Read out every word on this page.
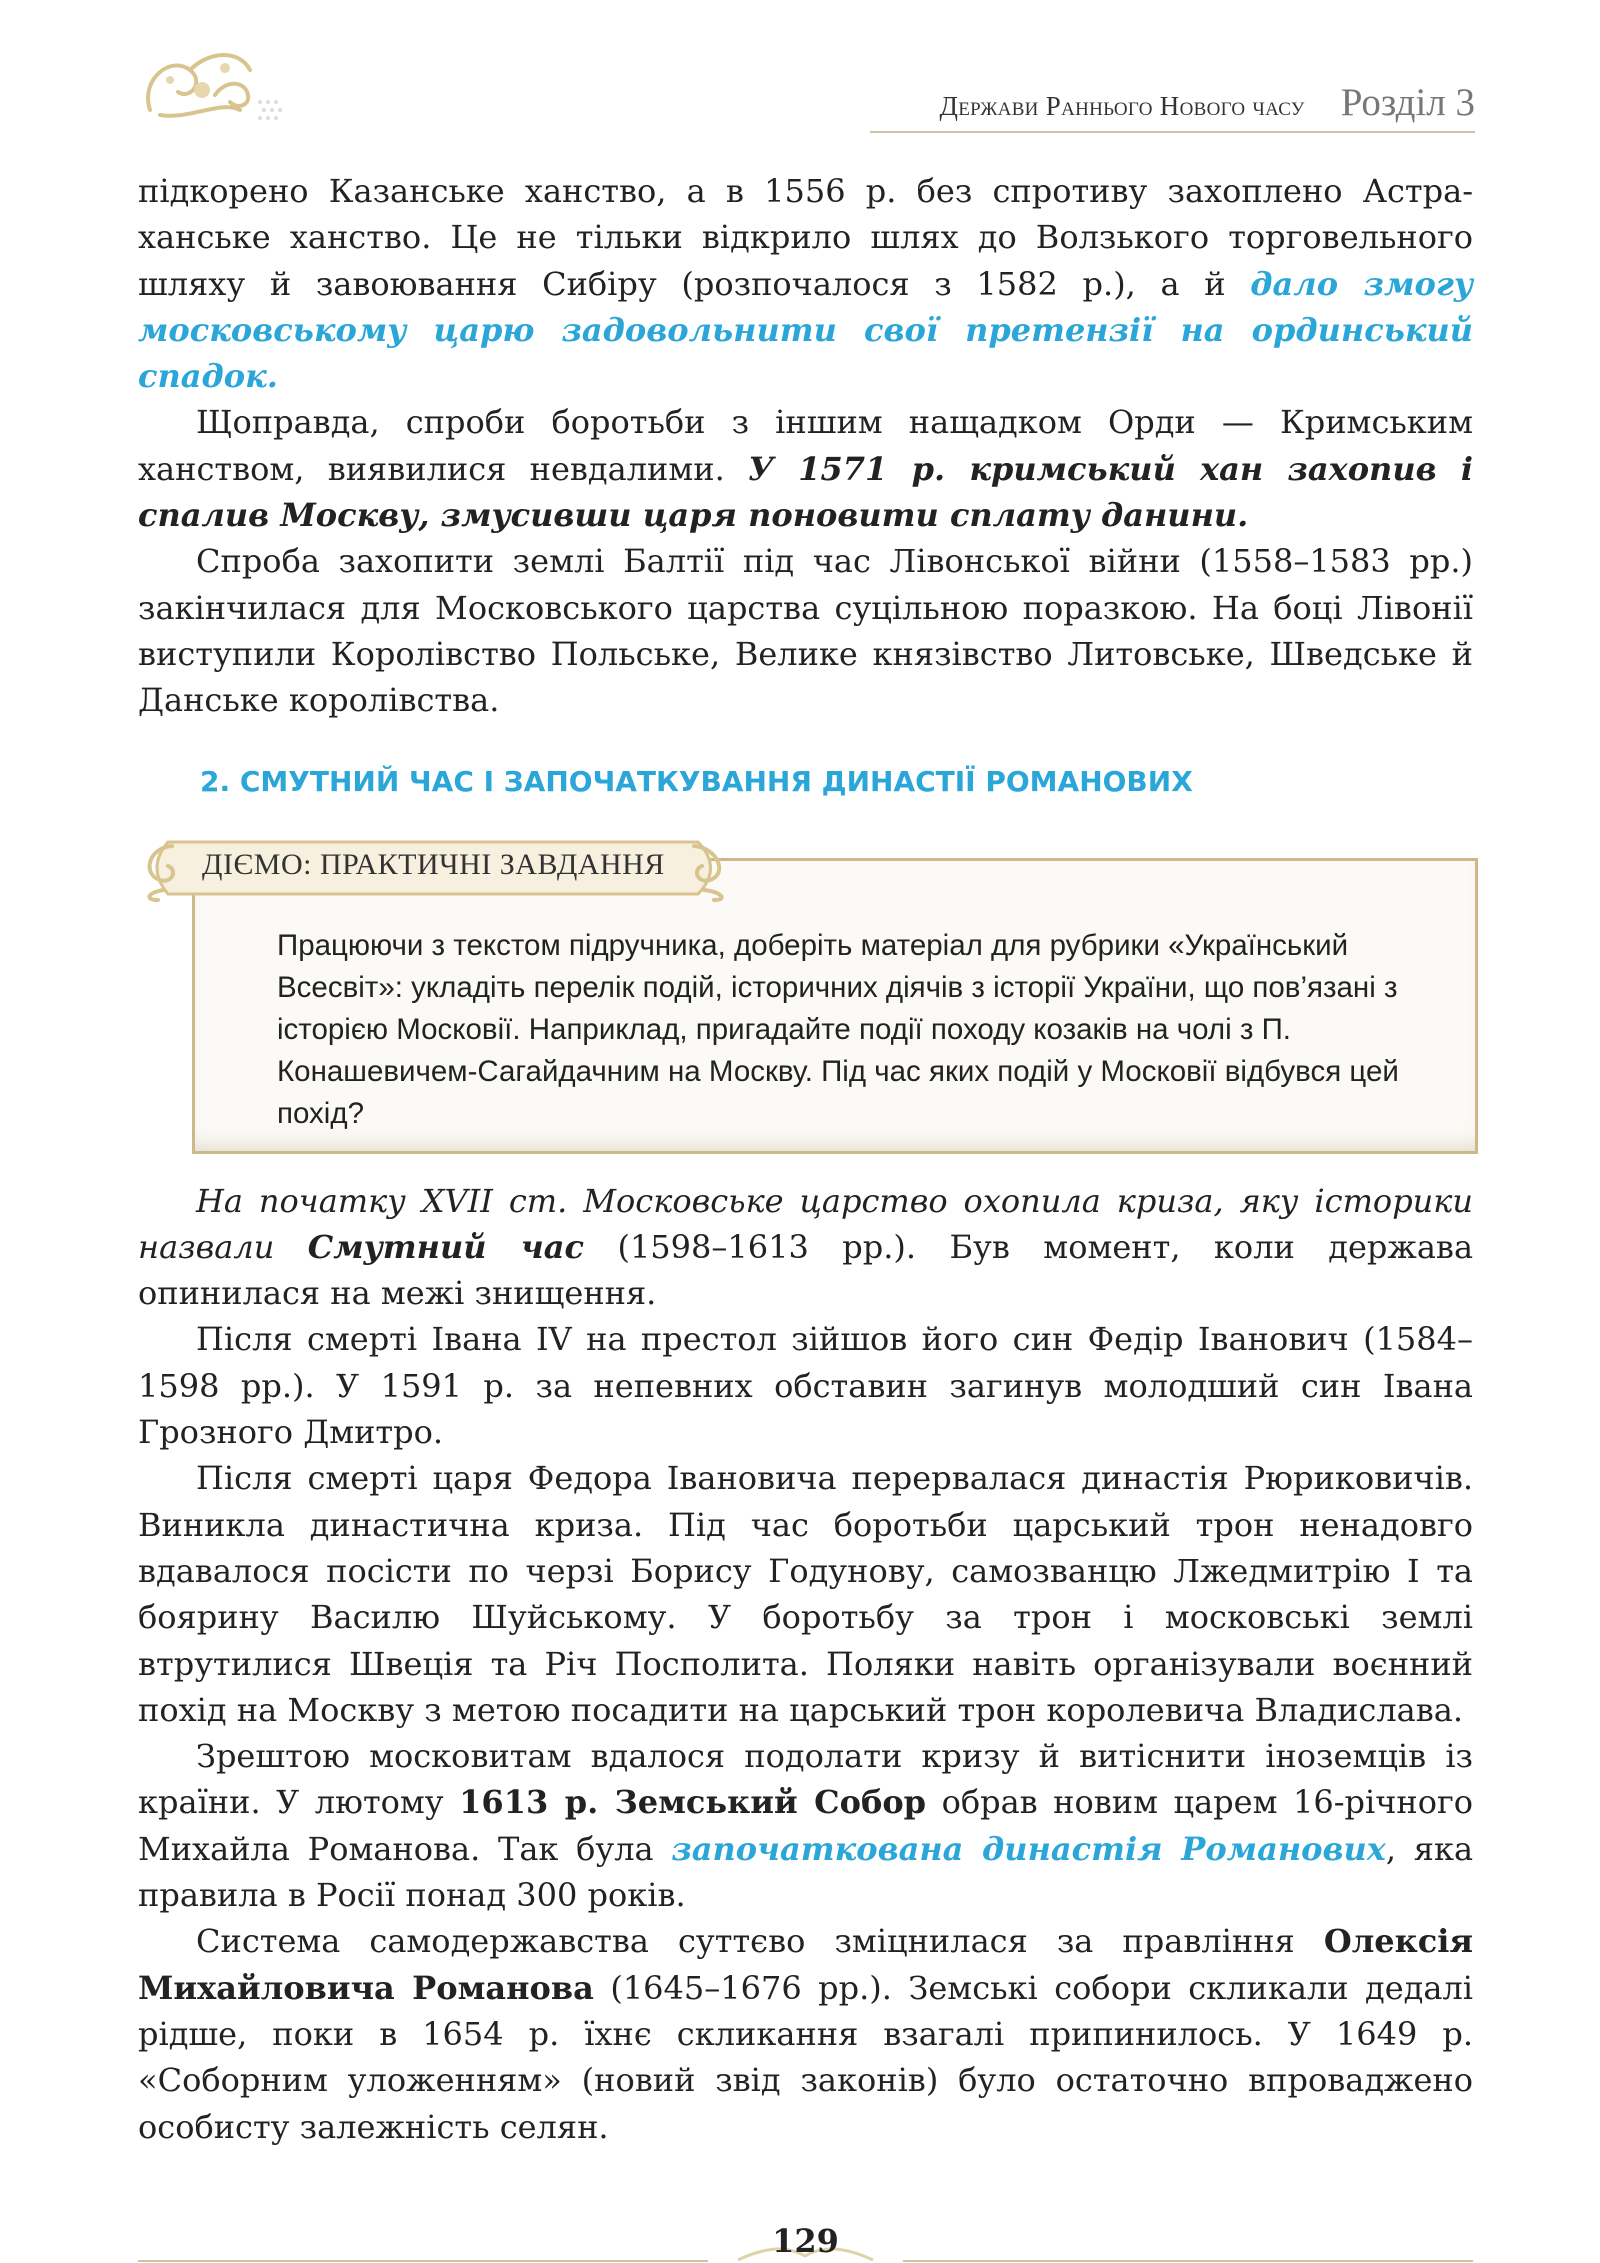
Держави Раннього Нового часу Розділ 3

підкорено Казанське ханство, а в 1556 р. без спротиву захоплено Астраханське ханство. Це не тільки відкрило шлях до Волзького торговельного шляху й завоювання Сибіру (розпочалося з 1582 р.), а й дало змогу московському царю задовольнити свої претензії на ординський спадок.

Щоправда, спроби боротьби з іншим нащадком Орди — Кримським ханством, виявилися невдалими. У 1571 р. кримський хан захопив і спалив Москву, змусивши царя поновити сплату данини.

Спроба захопити землі Балтії під час Лівонської війни (1558–1583 рр.) закінчилася для Московського царства суцільною поразкою. На боці Лівонії виступили Королівство Польське, Велике князівство Литовське, Шведське й Данське королівства.

2. СМУТНИЙ ЧАС І ЗАПОЧАТКУВАННЯ ДИНАСТІЇ РОМАНОВИХ
Працюючи з текстом підручника, доберіть матеріал для рубрики «Український Всесвіт»: укладіть перелік подій, історичних діячів з історії України, що пов’язані з історією Московії. Наприклад, пригадайте події походу козаків на чолі з П. Конашевичем-Сагайдачним на Москву. Під час яких подій у Московії відбувся цей похід?
ДІЄМО: ПРАКТИЧНІ ЗАВДАННЯ

На початку XVII ст. Московське царство охопила криза, яку історики назвали Смутний час (1598–1613 рр.). Був момент, коли держава опинилася на межі знищення.

Після смерті Івана IV на престол зійшов його син Федір Іванович (1584–1598 рр.). У 1591 р. за непевних обставин загинув молодший син Івана Грозного Дмитро.

Після смерті царя Федора Івановича перервалася династія Рюриковичів. Виникла династична криза. Під час боротьби царський трон ненадовго вдавалося посісти по черзі Борису Годунову, самозванцю Лжедмитрію І та боярину Василю Шуйському. У боротьбу за трон і московські землі втрутилися Швеція та Річ Посполита. Поляки навіть організували воєнний похід на Москву з метою посадити на царський трон королевича Владислава.

Зрештою московитам вдалося подолати кризу й витіснити іноземців із країни. У лютому 1613 р. Земський Собор обрав новим царем 16-річного Михайла Романова. Так була започаткована династія Романових, яка правила в Росії понад 300 років.

Система самодержавства суттєво зміцнилася за правління Олексія Михайловича Романова (1645–1676 рр.). Земські собори скликaли дедалі рідше, поки в 1654 р. їхнє скликання взагалі припинилось. У 1649 р. «Соборним уложенням» (новий звід законів) було остаточно впроваджено особисту залежність селян.

129
